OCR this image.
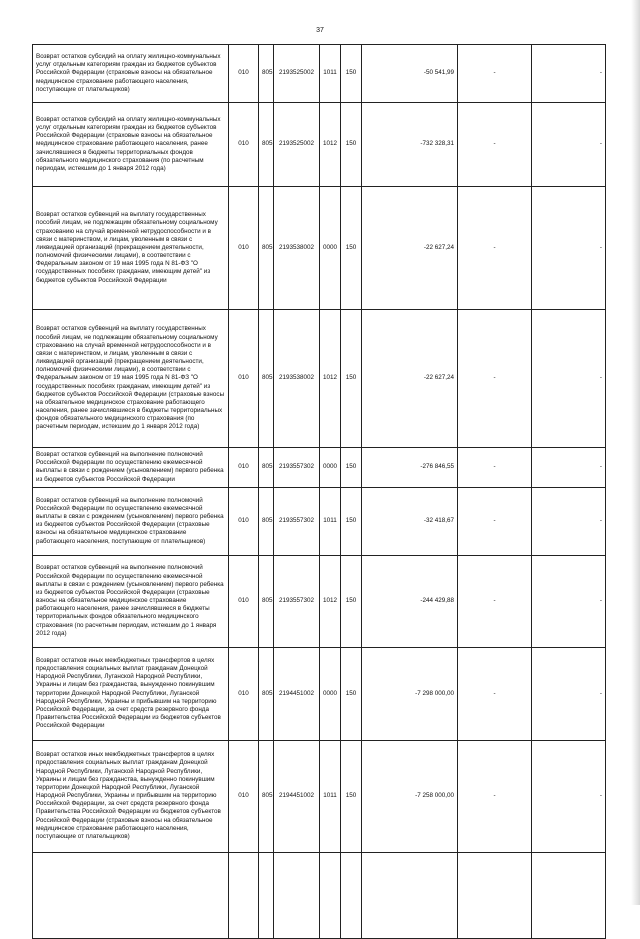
37
Возврат остатков субсидий на оплату жилищно-коммунальных услуг отдельным категориям граждан из бюджетов субъектов Российской Федерации (страховые взносы на обязательное медицинское страхование работающего населения, поступающие от плательщиков)	010	805	2193525002	1011	150	-50 541,99	-	-
Возврат остатков субсидий на оплату жилищно-коммунальных услуг отдельным категориям граждан из бюджетов субъектов Российской Федерации (страховые взносы на обязательное медицинское страхование работающего населения, ранее зачислявшиеся в бюджеты территориальных фондов обязательного медицинского страхования (по расчетным периодам, истекшим до 1 января 2012 года)	010	805	2193525002	1012	150	-732 328,31	-	-
Возврат остатков субвенций на выплату государственных пособий лицам, не подлежащим обязательному социальному страхованию на случай временной нетрудоспособности и в связи с материнством, и лицам, уволенным в связи с ликвидацией организаций (прекращением деятельности, полномочий физическими лицами), в соответствии с Федеральным законом от 19 мая 1995 года N 81-ФЗ "О государственных пособиях гражданам, имеющим детей" из бюджетов субъектов Российской Федерации	010	805	2193538002	0000	150	-22 627,24	-	-
Возврат остатков субвенций на выплату государственных пособий лицам, не подлежащим обязательному социальному страхованию на случай временной нетрудоспособности и в связи с материнством, и лицам, уволенным в связи с ликвидацией организаций (прекращением деятельности, полномочий физическими лицами), в соответствии с Федеральным законом от 19 мая 1995 года N 81-ФЗ "О государственных пособиях гражданам, имеющим детей" из бюджетов субъектов Российской Федерации (страховые взносы на обязательное медицинское страхование работающего населения, ранее зачислявшиеся в бюджеты территориальных фондов обязательного медицинского страхования (по расчетным периодам, истекшим до 1 января 2012 года)	010	805	2193538002	1012	150	-22 627,24	-	-
Возврат остатков субвенций на выполнение полномочий Российской Федерации по осуществлению ежемесячной выплаты в связи с рождением (усыновлением) первого ребенка из бюджетов субъектов Российской Федерации	010	805	2193557302	0000	150	-276 846,55	-	-
Возврат остатков субвенций на выполнение полномочий Российской Федерации по осуществлению ежемесячной выплаты в связи с рождением (усыновлением) первого ребенка из бюджетов субъектов Российской Федерации (страховые взносы на обязательное медицинское страхование работающего населения, поступающие от плательщиков)	010	805	2193557302	1011	150	-32 418,67	-	-
Возврат остатков субвенций на выполнение полномочий Российской Федерации по осуществлению ежемесячной выплаты в связи с рождением (усыновлением) первого ребенка из бюджетов субъектов Российской Федерации (страховые взносы на обязательное медицинское страхование работающего населения, ранее зачислявшиеся в бюджеты территориальных фондов обязательного медицинского страхования (по расчетным периодам, истекшим до 1 января 2012 года)	010	805	2193557302	1012	150	-244 429,88	-	-
Возврат остатков иных межбюджетных трансфертов в целях предоставления социальных выплат гражданам Донецкой Народной Республики, Луганской Народной Республики, Украины и лицам без гражданства, вынужденно покинувшим территории Донецкой Народной Республики, Луганской Народной Республики, Украины и прибывшим на территорию Российской Федерации, за счет средств резервного фонда Правительства Российской Федерации из бюджетов субъектов Российской Федерации	010	805	2194451002	0000	150	-7 298 000,00	-	-
Возврат остатков иных межбюджетных трансфертов в целях предоставления социальных выплат гражданам Донецкой Народной Республики, Луганской Народной Республики, Украины и лицам без гражданства, вынужденно покинувшим территории Донецкой Народной Республики, Луганской Народной Республики, Украины и прибывшим на территорию Российской Федерации, за счет средств резервного фонда Правительства Российской Федерации из бюджетов субъектов Российской Федерации (страховые взносы на обязательное медицинское страхование работающего населения, поступающие от плательщиков)	010	805	2194451002	1011	150	-7 258 000,00	-	-
